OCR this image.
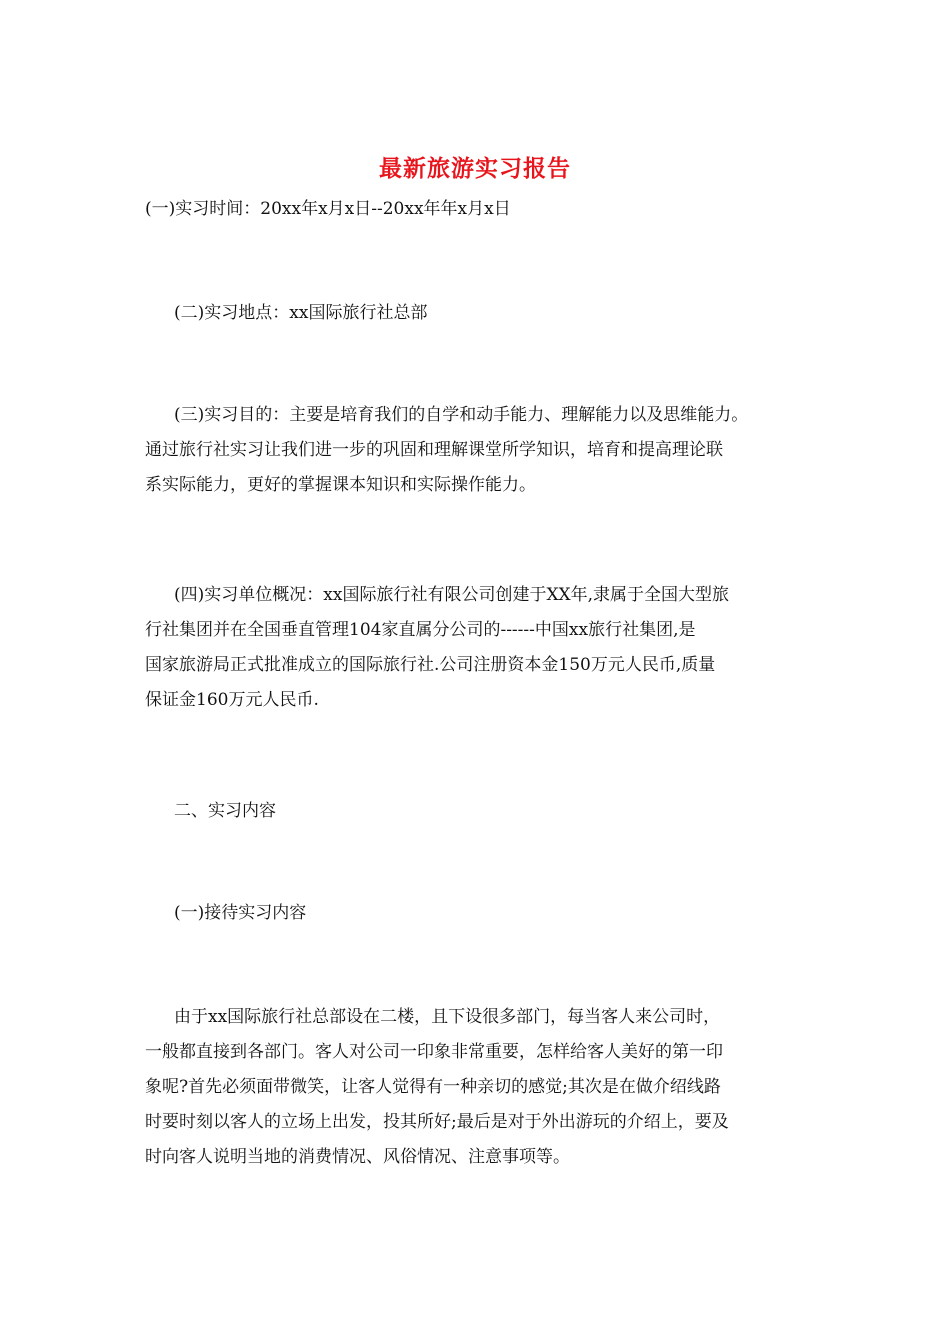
最新旅游实习报告

(一)实习时间：20xx年x月x日--20xx年年x月x日

(二)实习地点：xx国际旅行社总部

(三)实习目的：主要是培育我们的自学和动手能力、理解能力以及思维能力。
通过旅行社实习让我们进一步的巩固和理解课堂所学知识，培育和提高理论联
系实际能力，更好的掌握课本知识和实际操作能力。

(四)实习单位概况：xx国际旅行社有限公司创建于XX年,隶属于全国大型旅
行社集团并在全国垂直管理104家直属分公司的------中国xx旅行社集团,是
国家旅游局正式批准成立的国际旅行社.公司注册资本金150万元人民币,质量
保证金160万元人民币.

二、实习内容

(一)接待实习内容

由于xx国际旅行社总部设在二楼，且下设很多部门，每当客人来公司时，
一般都直接到各部门。客人对公司一印象非常重要，怎样给客人美好的第一印
象呢?首先必须面带微笑，让客人觉得有一种亲切的感觉;其次是在做介绍线路
时要时刻以客人的立场上出发，投其所好;最后是对于外出游玩的介绍上，要及
时向客人说明当地的消费情况、风俗情况、注意事项等。
